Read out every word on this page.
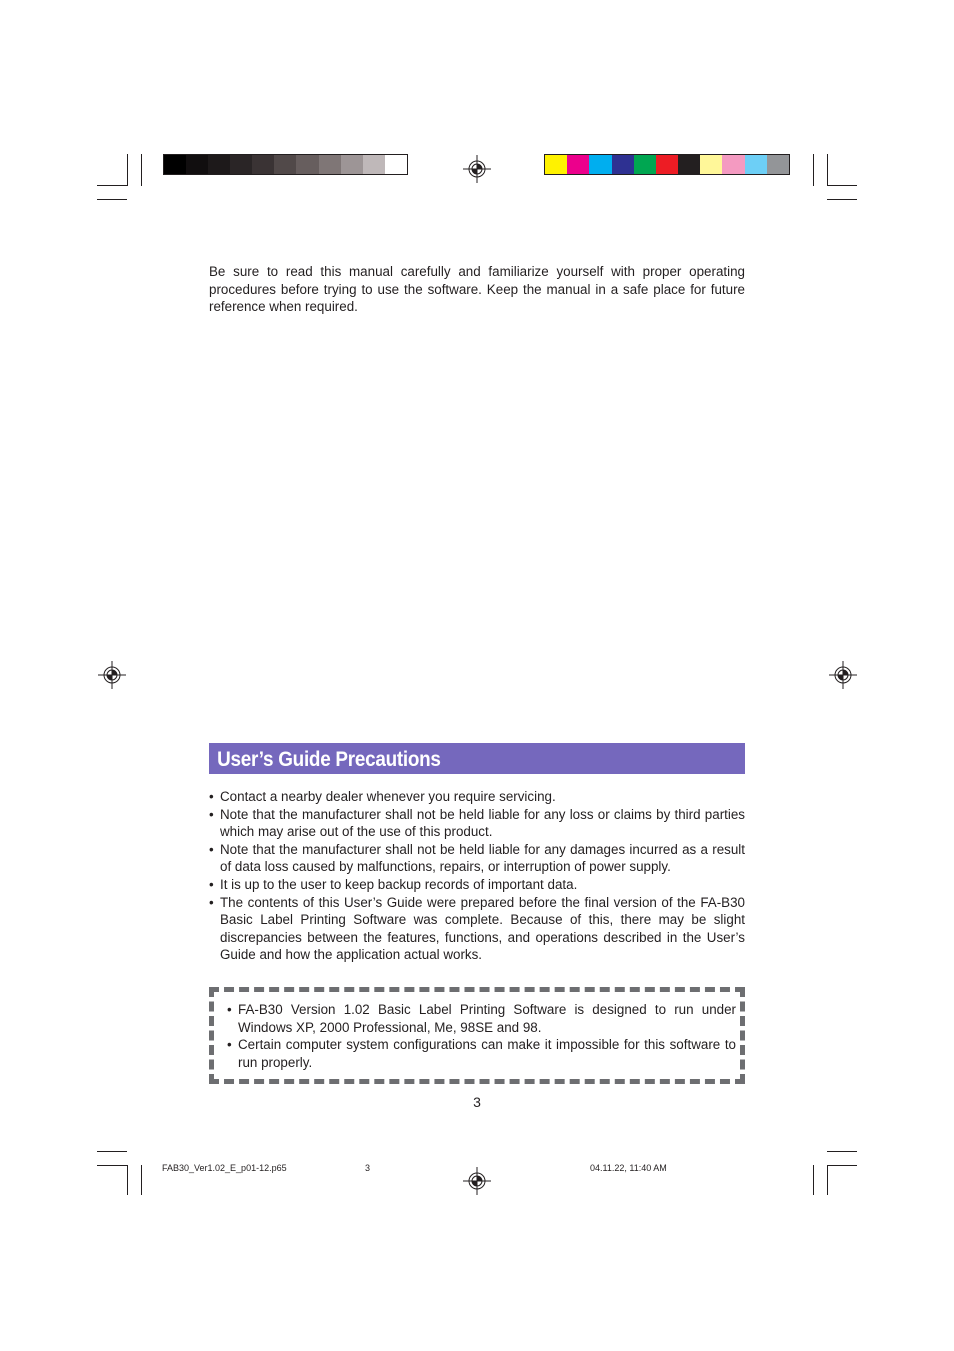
Be sure to read this manual carefully and familiarize yourself with proper operating procedures before trying to use the software. Keep the manual in a safe place for future reference when required.

User’s Guide Precautions
• Contact a nearby dealer whenever you require servicing.
• Note that the manufacturer shall not be held liable for any loss or claims by third parties which may arise out of the use of this product.
• Note that the manufacturer shall not be held liable for any damages incurred as a result of data loss caused by malfunctions, repairs, or interruption of power supply.
• It is up to the user to keep backup records of important data.
• The contents of this User’s Guide were prepared before the final version of the FA-B30 Basic Label Printing Software was complete. Because of this, there may be slight discrepancies between the features, functions, and operations described in the User’s Guide and how the application actual works.
• FA-B30 Version 1.02 Basic Label Printing Software is designed to run under Windows XP, 2000 Professional, Me, 98SE and 98.
• Certain computer system configurations can make it impossible for this software to run properly.
3
FAB30_Ver1.02_E_p01-12.p65	3	04.11.22, 11:40 AM
